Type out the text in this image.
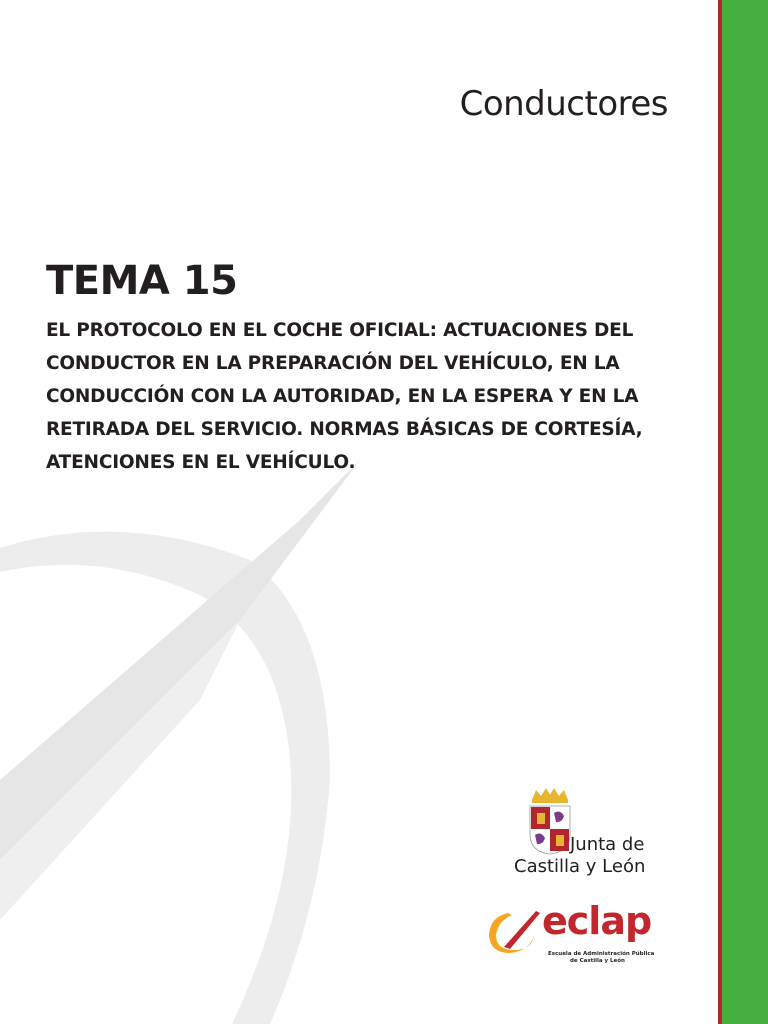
Conductores
TEMA 15

EL PROTOCOLO EN EL COCHE OFICIAL: ACTUACIONES DEL CONDUCTOR EN LA PREPARACIÓN DEL VEHÍCULO, EN LA CONDUCCIÓN CON LA AUTORIDAD, EN LA ESPERA Y EN LA RETIRADA DEL SERVICIO. NORMAS BÁSICAS DE CORTESÍA, ATENCIONES EN EL VEHÍCULO.

Junta de
Castilla y León
eclap
Escuela de Administración Pública
de Castilla y León
